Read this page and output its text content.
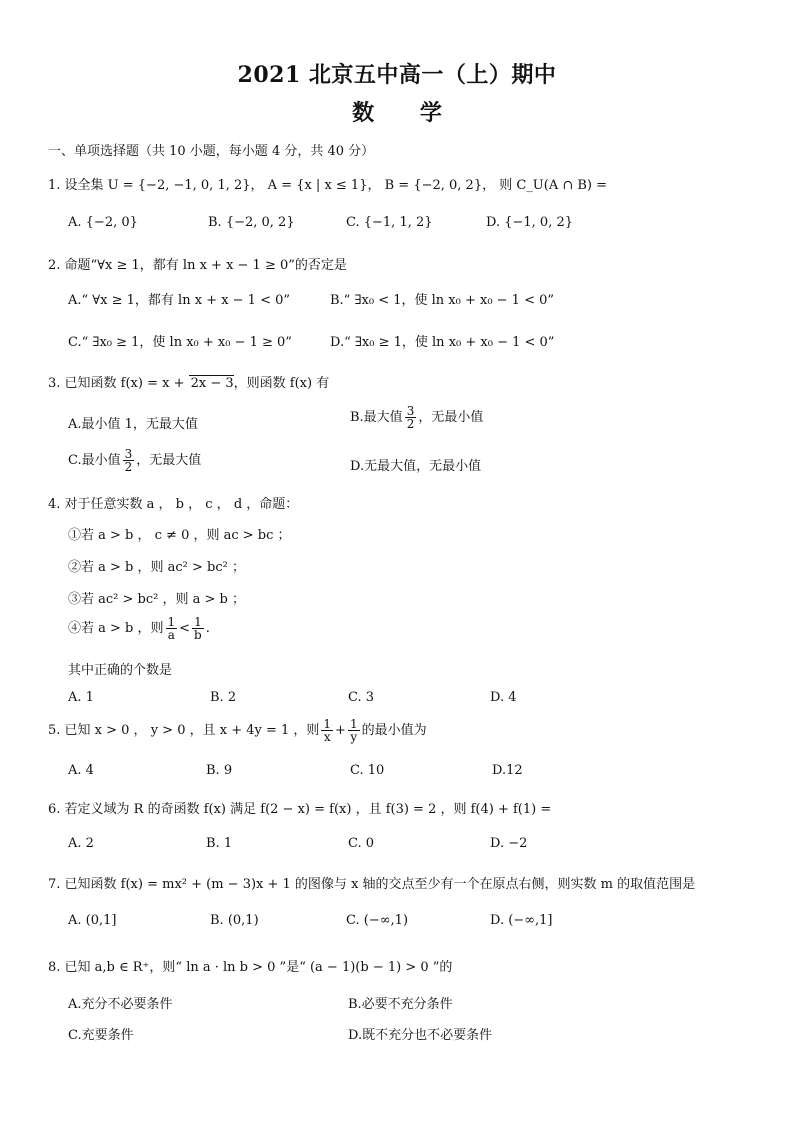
2021 北京五中高一（上）期中
数 学
一、单项选择题（共 10 小题，每小题 4 分，共 40 分）
1. 设全集 U = {−2, −1, 0, 1, 2}， A = {x | x ≤ 1}， B = {−2, 0, 2}， 则 C_U(A ∩ B) =
A. {−2, 0}	B. {−2, 0, 2}	C. {−1, 1, 2}	D. {−1, 0, 2}
2. 命题“∀x ≥ 1，都有 ln x + x − 1 ≥ 0”的否定是
A.“ ∀x ≥ 1，都有 ln x + x − 1 < 0”	B.“ ∃x₀ < 1，使 ln x₀ + x₀ − 1 < 0”
C.“ ∃x₀ ≥ 1，使 ln x₀ + x₀ − 1 ≥ 0”	D.“ ∃x₀ ≥ 1，使 ln x₀ + x₀ − 1 < 0”
3. 已知函数 f(x) = x + 2x − 3，则函数 f(x) 有
A.最小值 1，无最大值	B.最大值 $\frac{3}{2}$ ，无最小值
C.最小值 $\frac{3}{2}$ ，无最大值	D.无最大值，无最小值
4. 对于任意实数 a ， b ， c ， d ，命题：
①若 a > b ， c ≠ 0 ，则 ac > bc ；
②若 a > b ，则 ac² > bc² ；
③若 ac² > bc² ，则 a > b ；
④若 a > b ，则 $\frac{1}{a} < \frac{1}{b}$ .
其中正确的个数是
A. 1	B. 2	C. 3	D. 4
5. 已知 x > 0 ， y > 0 ，且 x + 4y = 1 ，则 $\frac{1}{x} + \frac{1}{y}$ 的最小值为
A. 4	B. 9	C. 10	D.12
6. 若定义域为 R 的奇函数 f(x) 满足 f(2 − x) = f(x) ，且 f(3) = 2 ，则 f(4) + f(1) =
A. 2	B. 1	C. 0	D. −2
7. 已知函数 f(x) = mx² + (m − 3)x + 1 的图像与 x 轴的交点至少有一个在原点右侧，则实数 m 的取值范围是
A. (0,1]	B. (0,1)	C. (−∞,1)	D. (−∞,1]
8. 已知 a,b ∈ R⁺，则“ ln a · ln b > 0 ”是“ (a − 1)(b − 1) > 0 ”的
A.充分不必要条件	B.必要不充分条件
C.充要条件	D.既不充分也不必要条件
